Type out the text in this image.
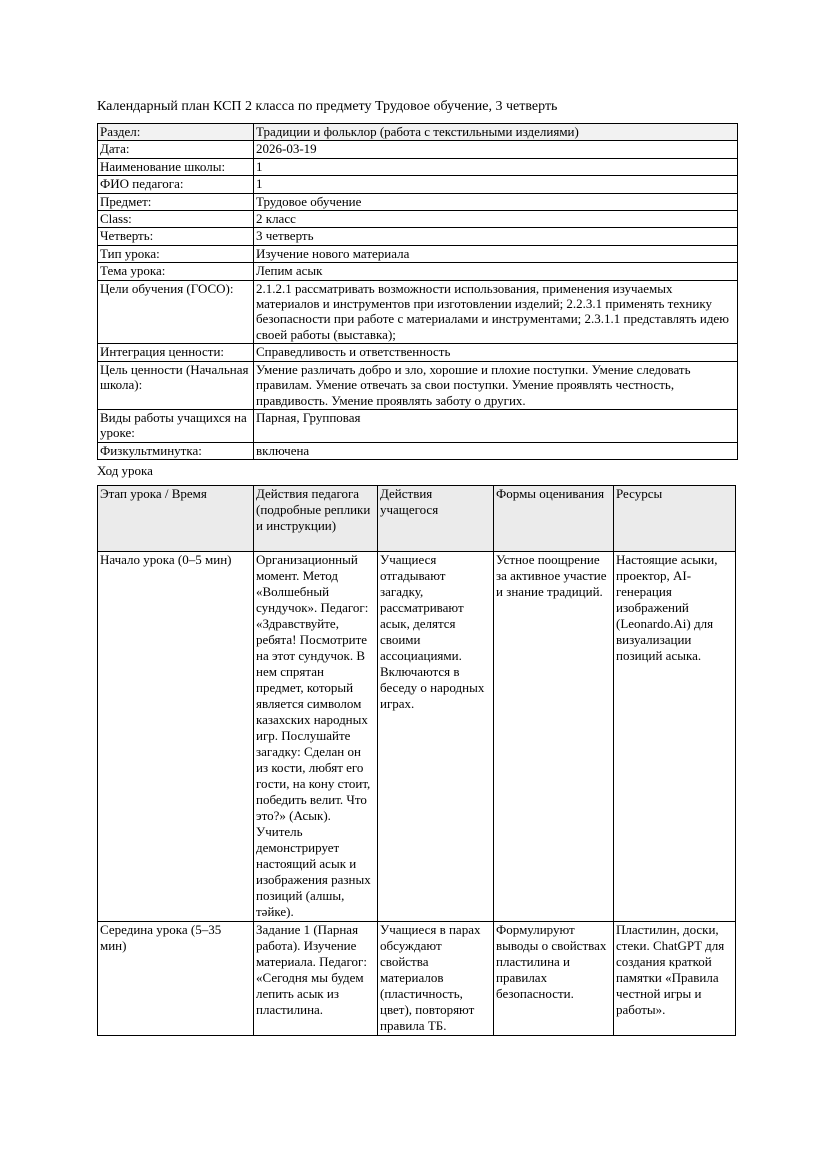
Календарный план КСП 2 класса по предмету Трудовое обучение, 3 четверть

Раздел:	Традиции и фольклор (работа с текстильными изделиями)
Дата:	2026-03-19
Наименование школы:	1
ФИО педагога:	1
Предмет:	Трудовое обучение
Class:	2 класс
Четверть:	3 четверть
Тип урока:	Изучение нового материала
Тема урока:	Лепим асык
Цели обучения (ГОСО):	2.1.2.1 рассматривать возможности использования, применения изучаемых материалов и инструментов при изготовлении изделий; 2.2.3.1 применять технику безопасности при работе с материалами и инструментами; 2.3.1.1 представлять идею своей работы (выставка);
Интеграция ценности:	Справедливость и ответственность
Цель ценности (Начальная школа):	Умение различать добро и зло, хорошие и плохие поступки. Умение следовать правилам. Умение отвечать за свои поступки. Умение проявлять честность, правдивость. Умение проявлять заботу о других.
Виды работы учащихся на уроке:	Парная, Групповая
Физкультминутка:	включена

Ход урока

Этап урока / Время	Действия педагога (подробные реплики и инструкции)	Действия учащегося	Формы оценивания	Ресурсы
Начало урока (0–5 мин)	Организационный момент. Метод «Волшебный сундучок». Педагог: «Здравствуйте, ребята! Посмотрите на этот сундучок. В нем спрятан предмет, который является символом казахских народных игр. Послушайте загадку: Сделан он из кости, любят его гости, на кону стоит, победить велит. Что это?» (Асык). Учитель демонстрирует настоящий асык и изображения разных позиций (алшы, тәйке).	Учащиеся отгадывают загадку, рассматривают асык, делятся своими ассоциациями. Включаются в беседу о народных играх.	Устное поощрение за активное участие и знание традиций.	Настоящие асыки, проектор, AI-генерация изображений (Leonardo.Ai) для визуализации позиций асыка.
Середина урока (5–35 мин)	Задание 1 (Парная работа). Изучение материала. Педагог: «Сегодня мы будем лепить асык из пластилина.	Учащиеся в парах обсуждают свойства материалов (пластичность, цвет), повторяют правила ТБ.	Формулируют выводы о свойствах пластилина и правилах безопасности.	Пластилин, доски, стеки. ChatGPT для создания краткой памятки «Правила честной игры и работы».
